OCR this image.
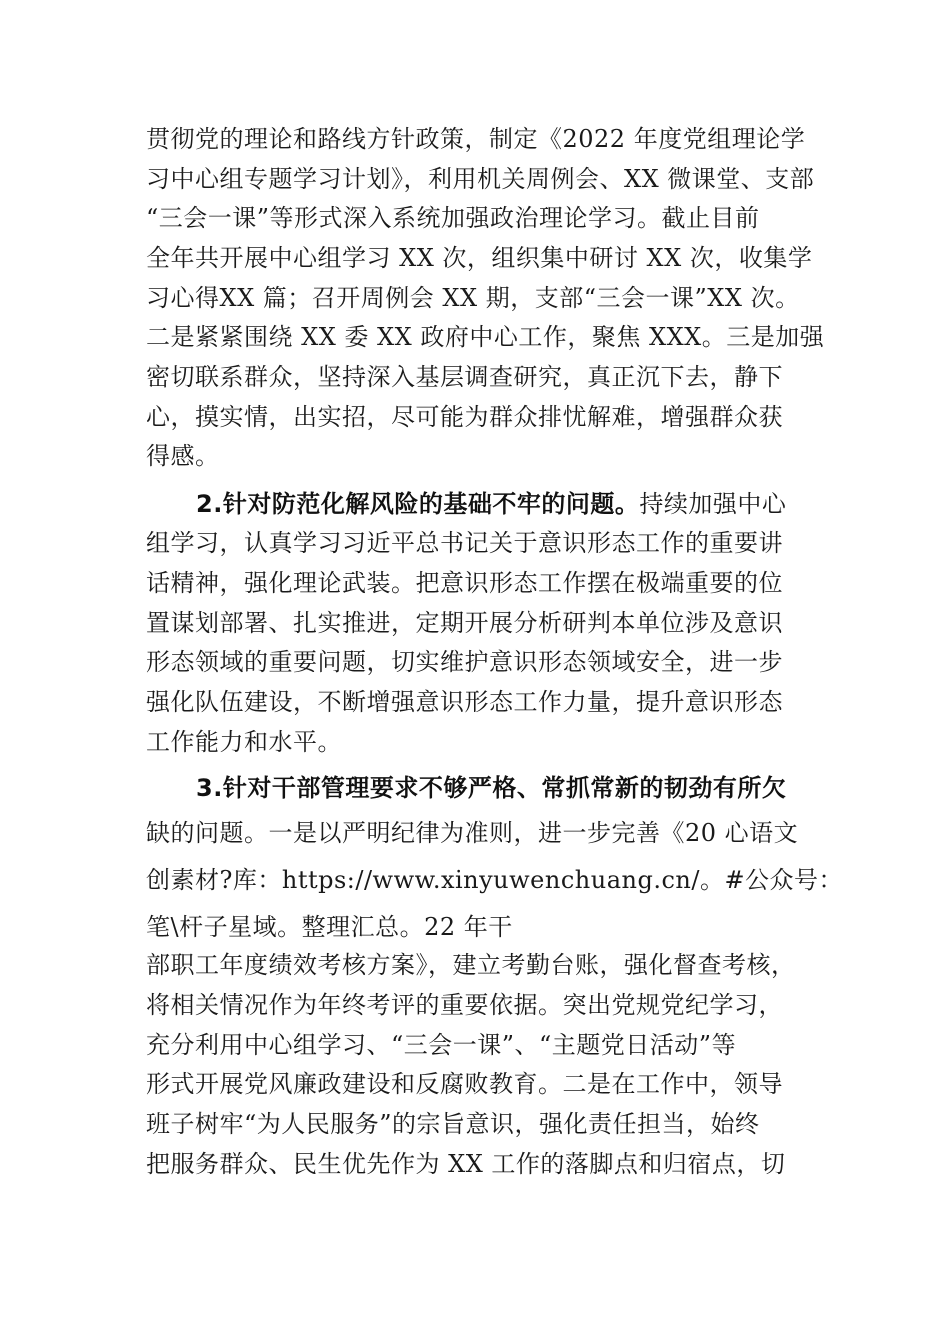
贯彻党的理论和路线方针政策，制定《2022 年度党组理论学
习中心组专题学习计划》，利用机关周例会、XX 微课堂、支部
“三会一课”等形式深入系统加强政治理论学习。截止目前
全年共开展中心组学习 XX 次，组织集中研讨 XX 次，收集学
习心得XX 篇；召开周例会 XX 期，支部“三会一课”XX 次。
二是紧紧围绕 XX 委 XX 政府中心工作，聚焦 XXX。三是加强
密切联系群众，坚持深入基层调查研究，真正沉下去，静下
心，摸实情，出实招，尽可能为群众排忧解难，增强群众获
得感。
2.针对防范化解风险的基础不牢的问题。持续加强中心
组学习，认真学习习近平总书记关于意识形态工作的重要讲
话精神，强化理论武装。把意识形态工作摆在极端重要的位
置谋划部署、扎实推进，定期开展分析研判本单位涉及意识
形态领域的重要问题，切实维护意识形态领域安全，进一步
强化队伍建设，不断增强意识形态工作力量，提升意识形态
工作能力和水平。
3.针对干部管理要求不够严格、常抓常新的韧劲有所欠
缺的问题。一是以严明纪律为准则，进一步完善《20 心语文
创素材?库：https://www.xinyuwenchuang.cn/。#公众号：
笔\杆子星域。整理汇总。22 年干
部职工年度绩效考核方案》，建立考勤台账，强化督查考核，
将相关情况作为年终考评的重要依据。突出党规党纪学习，
充分利用中心组学习、“三会一课”、“主题党日活动”等
形式开展党风廉政建设和反腐败教育。二是在工作中，领导
班子树牢“为人民服务”的宗旨意识，强化责任担当，始终
把服务群众、民生优先作为 XX 工作的落脚点和归宿点，切
